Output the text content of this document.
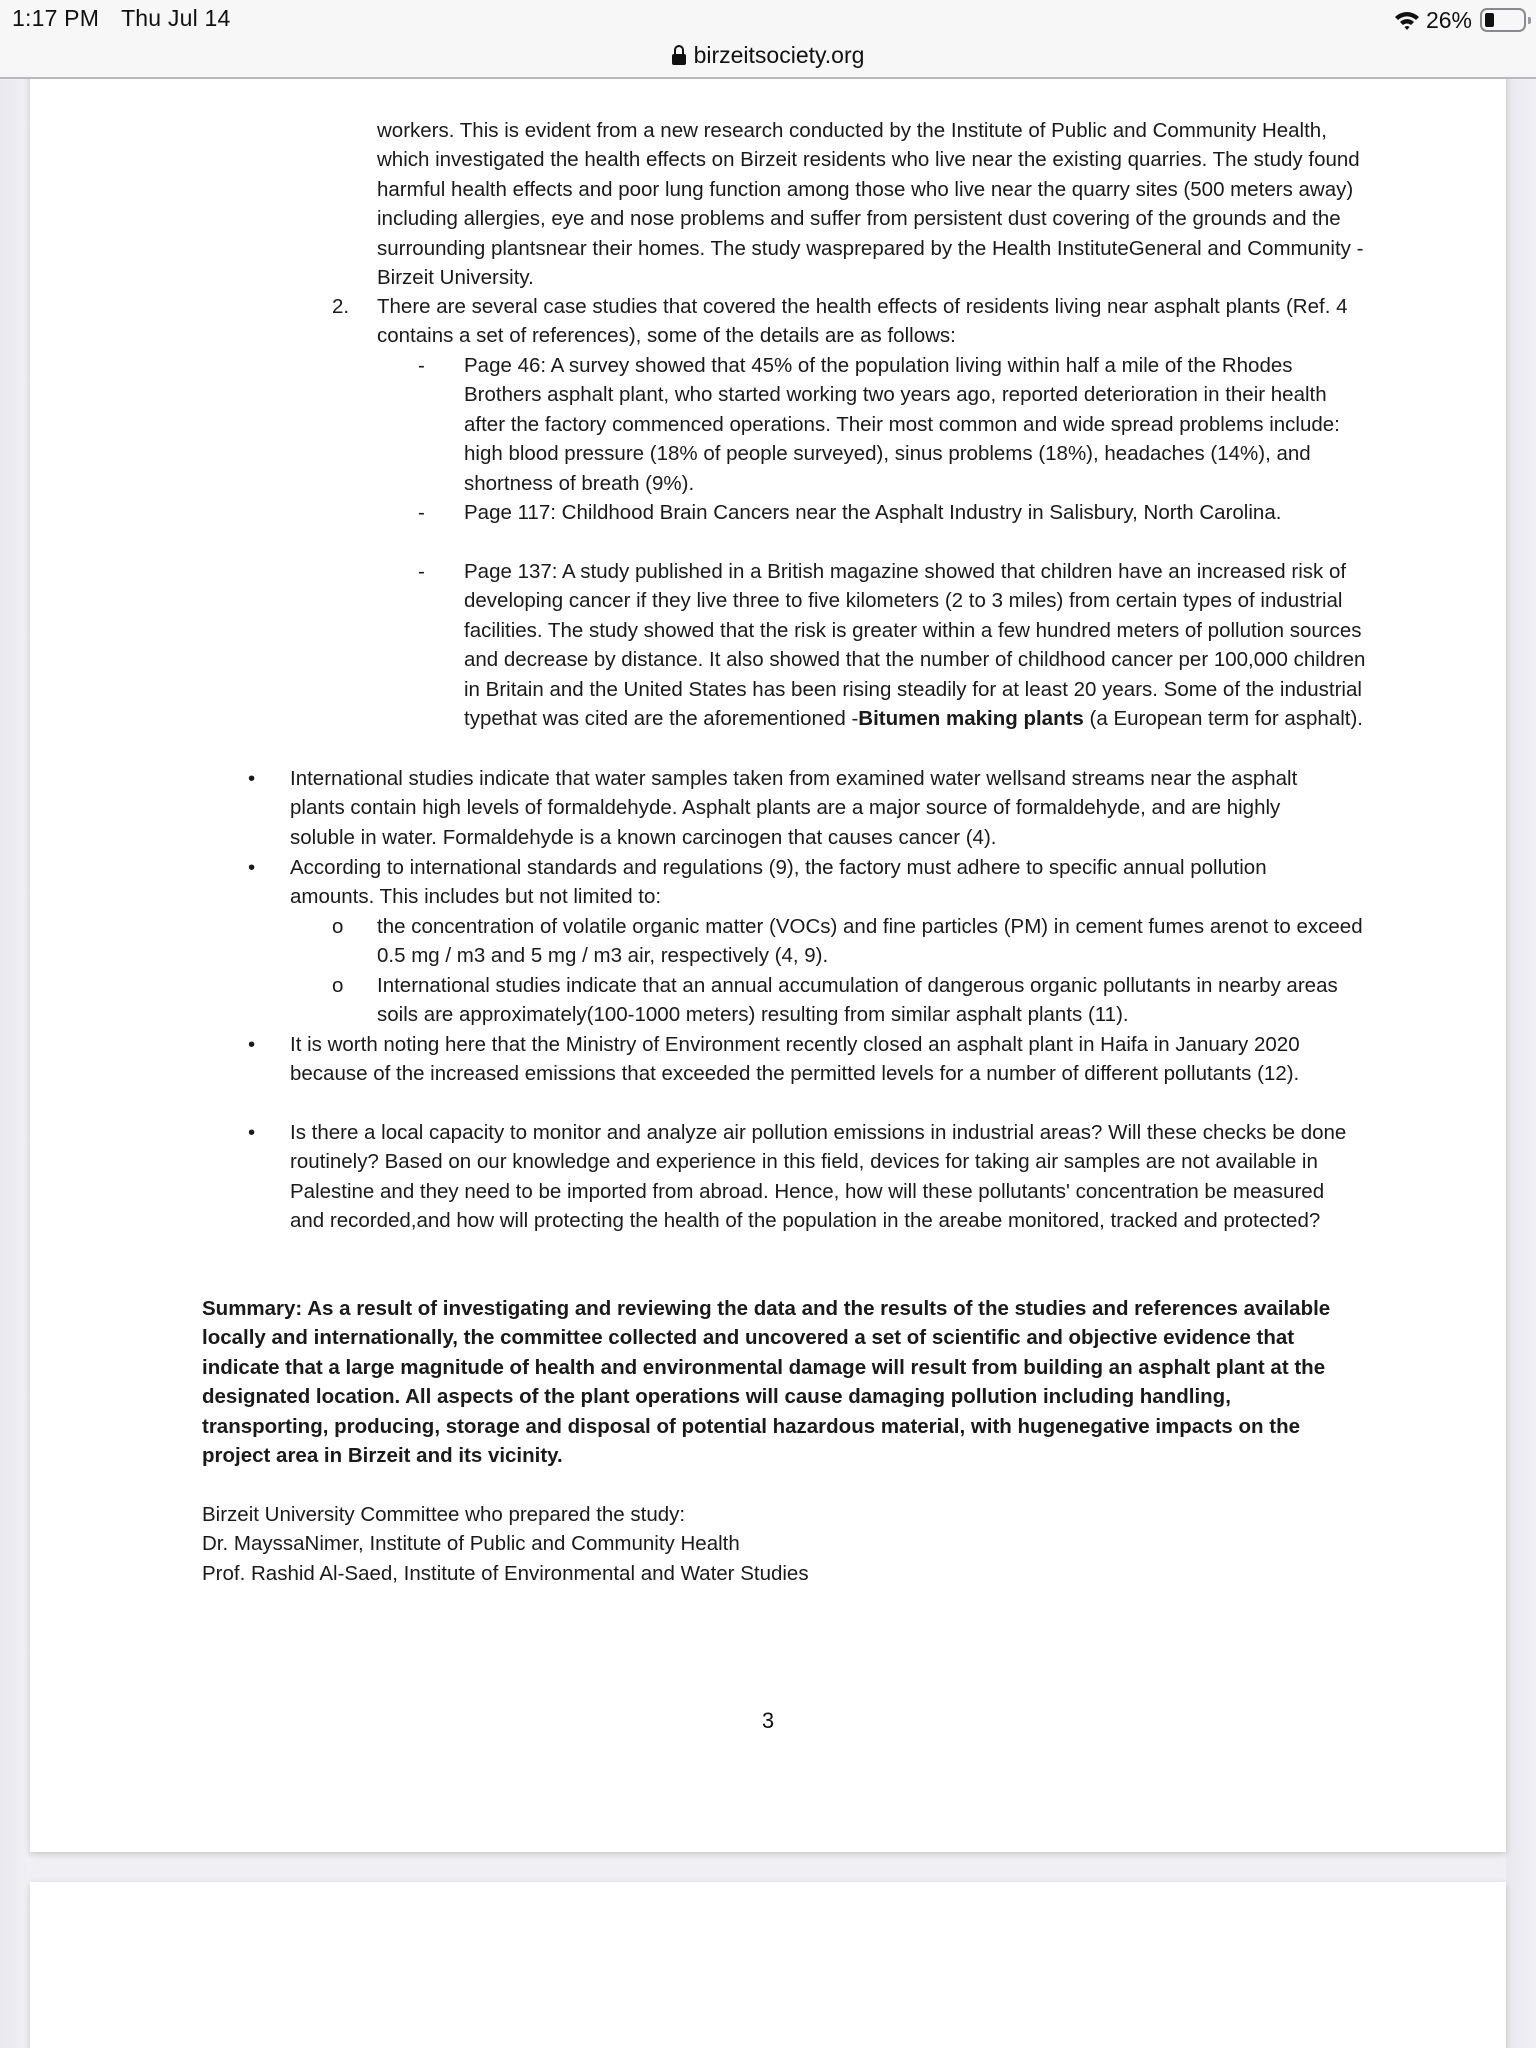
1:17 PM Thu Jul 14	26%
birzeitsociety.org
workers. This is evident from a new research conducted by the Institute of Public and Community Health, which investigated the health effects on Birzeit residents who live near the existing quarries. The study found harmful health effects and poor lung function among those who live near the quarry sites (500 meters away) including allergies, eye and nose problems and suffer from persistent dust covering of the grounds and the surrounding plantsnear their homes. The study wasprepared by the Health InstituteGeneral and Community - Birzeit University.
2. There are several case studies that covered the health effects of residents living near asphalt plants (Ref. 4 contains a set of references), some of the details are as follows:
- Page 46: A survey showed that 45% of the population living within half a mile of the Rhodes Brothers asphalt plant, who started working two years ago, reported deterioration in their health after the factory commenced operations. Their most common and wide spread problems include: high blood pressure (18% of people surveyed), sinus problems (18%), headaches (14%), and shortness of breath (9%).
- Page 117: Childhood Brain Cancers near the Asphalt Industry in Salisbury, North Carolina.
- Page 137: A study published in a British magazine showed that children have an increased risk of developing cancer if they live three to five kilometers (2 to 3 miles) from certain types of industrial facilities. The study showed that the risk is greater within a few hundred meters of pollution sources and decrease by distance. It also showed that the number of childhood cancer per 100,000 children in Britain and the United States has been rising steadily for at least 20 years. Some of the industrial typethat was cited are the aforementioned -Bitumen making plants (a European term for asphalt).
• International studies indicate that water samples taken from examined water wellsand streams near the asphalt plants contain high levels of formaldehyde. Asphalt plants are a major source of formaldehyde, and are highly soluble in water. Formaldehyde is a known carcinogen that causes cancer (4).
• According to international standards and regulations (9), the factory must adhere to specific annual pollution amounts. This includes but not limited to:
o the concentration of volatile organic matter (VOCs) and fine particles (PM) in cement fumes arenot to exceed 0.5 mg / m3 and 5 mg / m3 air, respectively (4, 9).
o International studies indicate that an annual accumulation of dangerous organic pollutants in nearby areas soils are approximately(100-1000 meters) resulting from similar asphalt plants (11).
• It is worth noting here that the Ministry of Environment recently closed an asphalt plant in Haifa in January 2020 because of the increased emissions that exceeded the permitted levels for a number of different pollutants (12).
• Is there a local capacity to monitor and analyze air pollution emissions in industrial areas? Will these checks be done routinely? Based on our knowledge and experience in this field, devices for taking air samples are not available in Palestine and they need to be imported from abroad. Hence, how will these pollutants' concentration be measured and recorded,and how will protecting the health of the population in the areabe monitored, tracked and protected?
Summary: As a result of investigating and reviewing the data and the results of the studies and references available locally and internationally, the committee collected and uncovered a set of scientific and objective evidence that indicate that a large magnitude of health and environmental damage will result from building an asphalt plant at the designated location. All aspects of the plant operations will cause damaging pollution including handling, transporting, producing, storage and disposal of potential hazardous material, with hugenegative impacts on the project area in Birzeit and its vicinity.
Birzeit University Committee who prepared the study:
Dr. MayssaNimer, Institute of Public and Community Health
Prof. Rashid Al-Saed, Institute of Environmental and Water Studies
3
